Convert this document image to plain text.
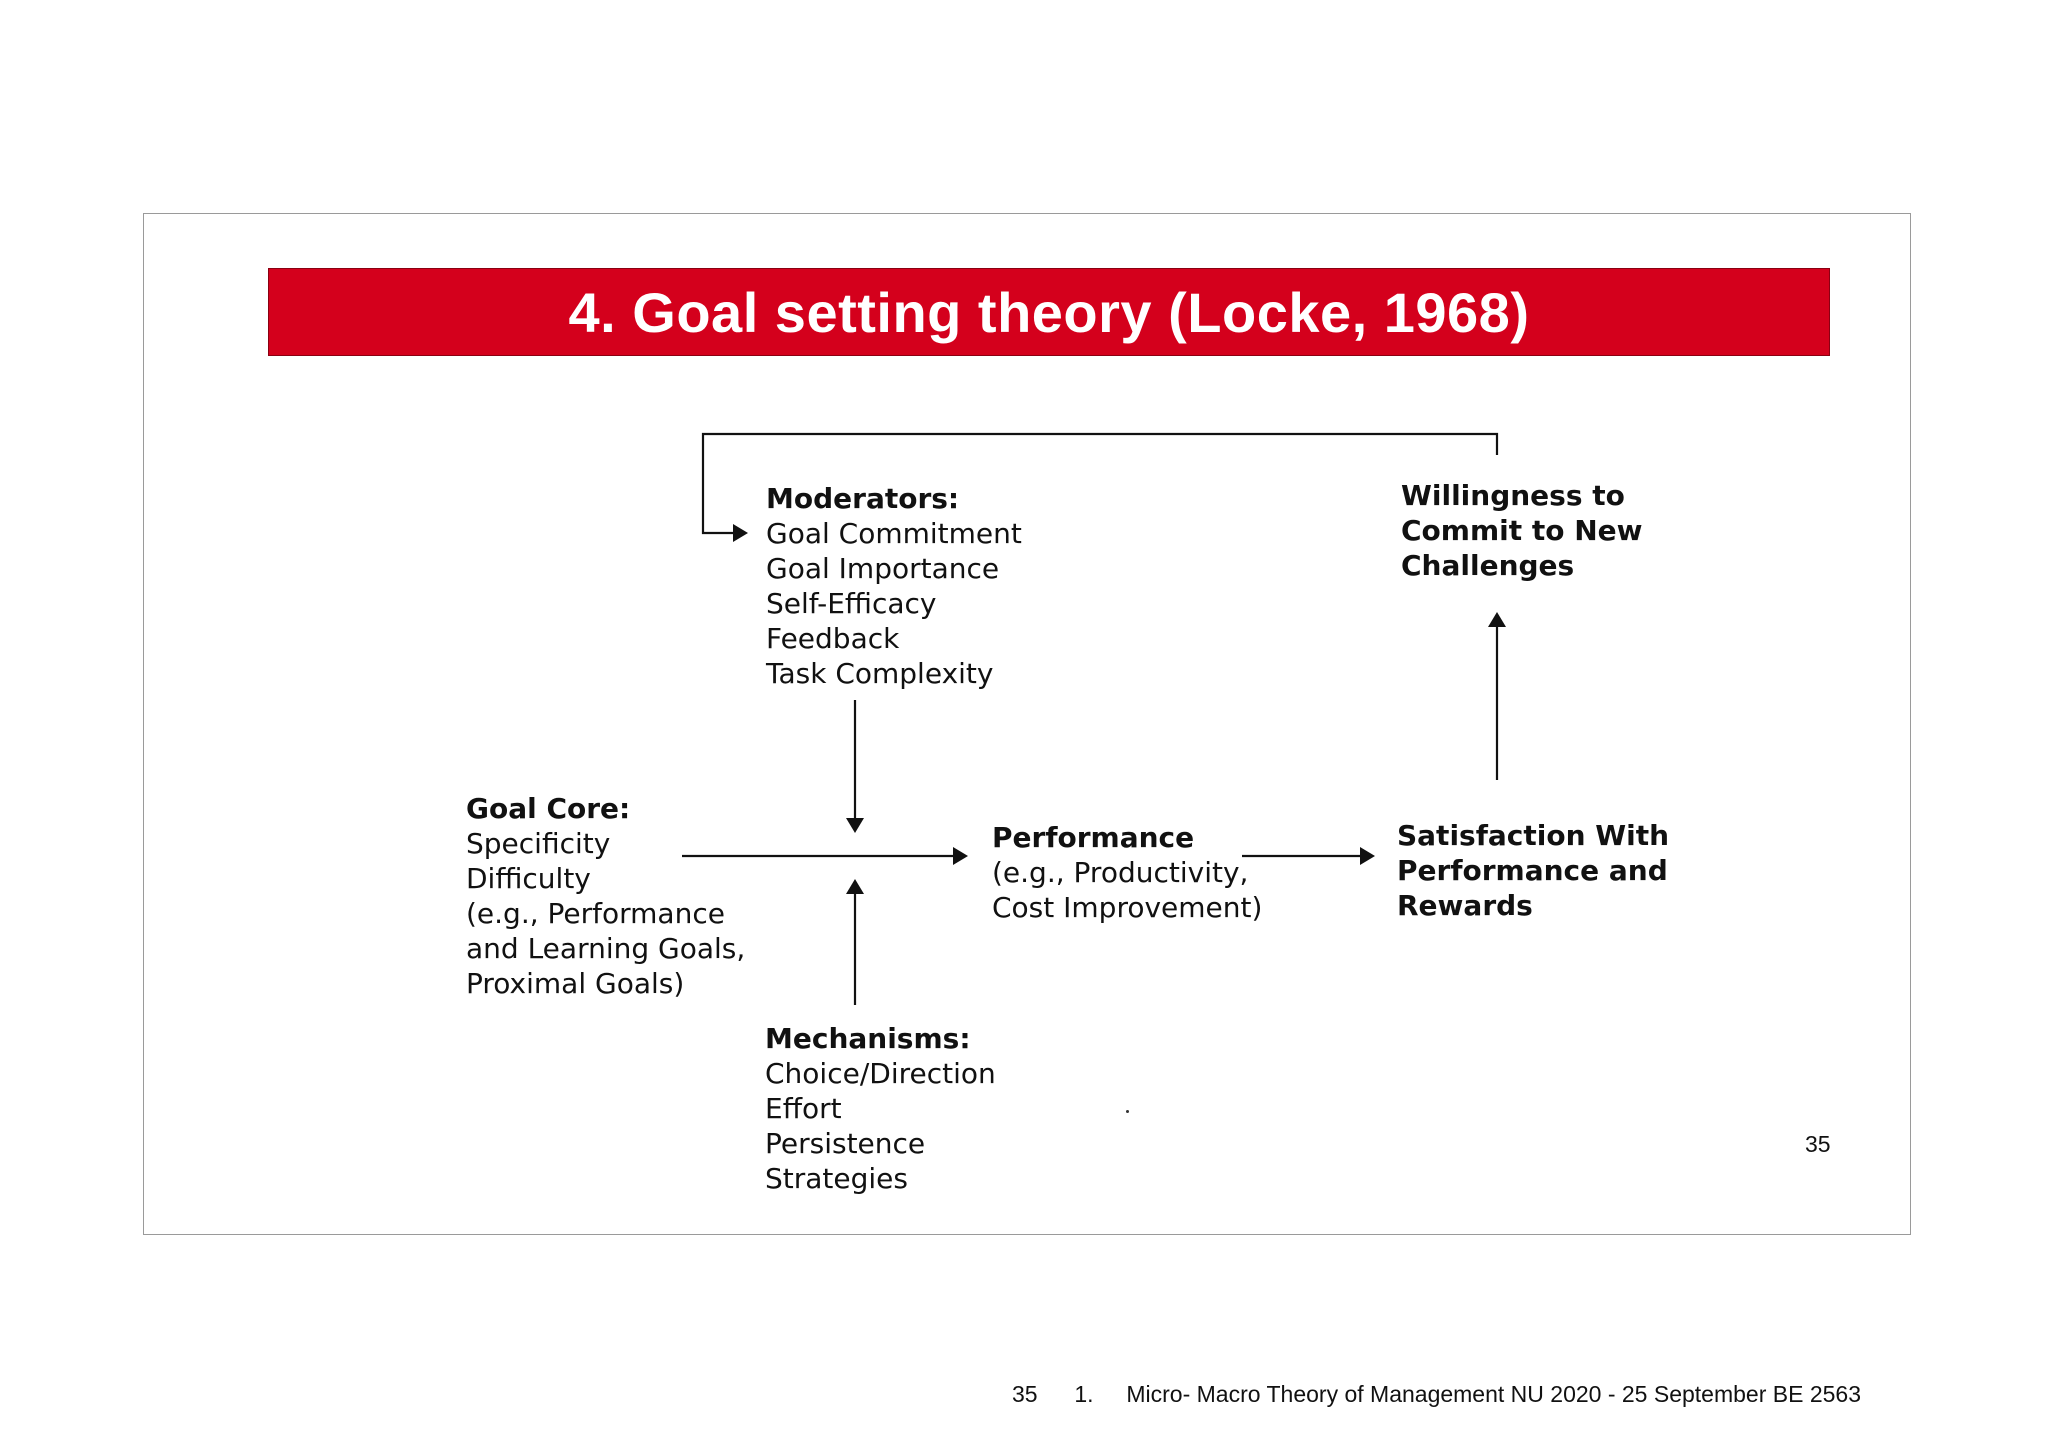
4. Goal setting theory (Locke, 1968)
Moderators:
Goal Commitment
Goal Importance
Self-Efficacy
Feedback
Task Complexity
Willingness to
Commit to New
Challenges
Goal Core:
Specificity
Difficulty
(e.g., Performance
and Learning Goals,
Proximal Goals)
Performance
(e.g., Productivity,
Cost Improvement)
Satisfaction With
Performance and
Rewards
Mechanisms:
Choice/Direction
Effort
Persistence
Strategies
35
35 1. Micro- Macro Theory of Management NU 2020 - 25 September BE 2563
